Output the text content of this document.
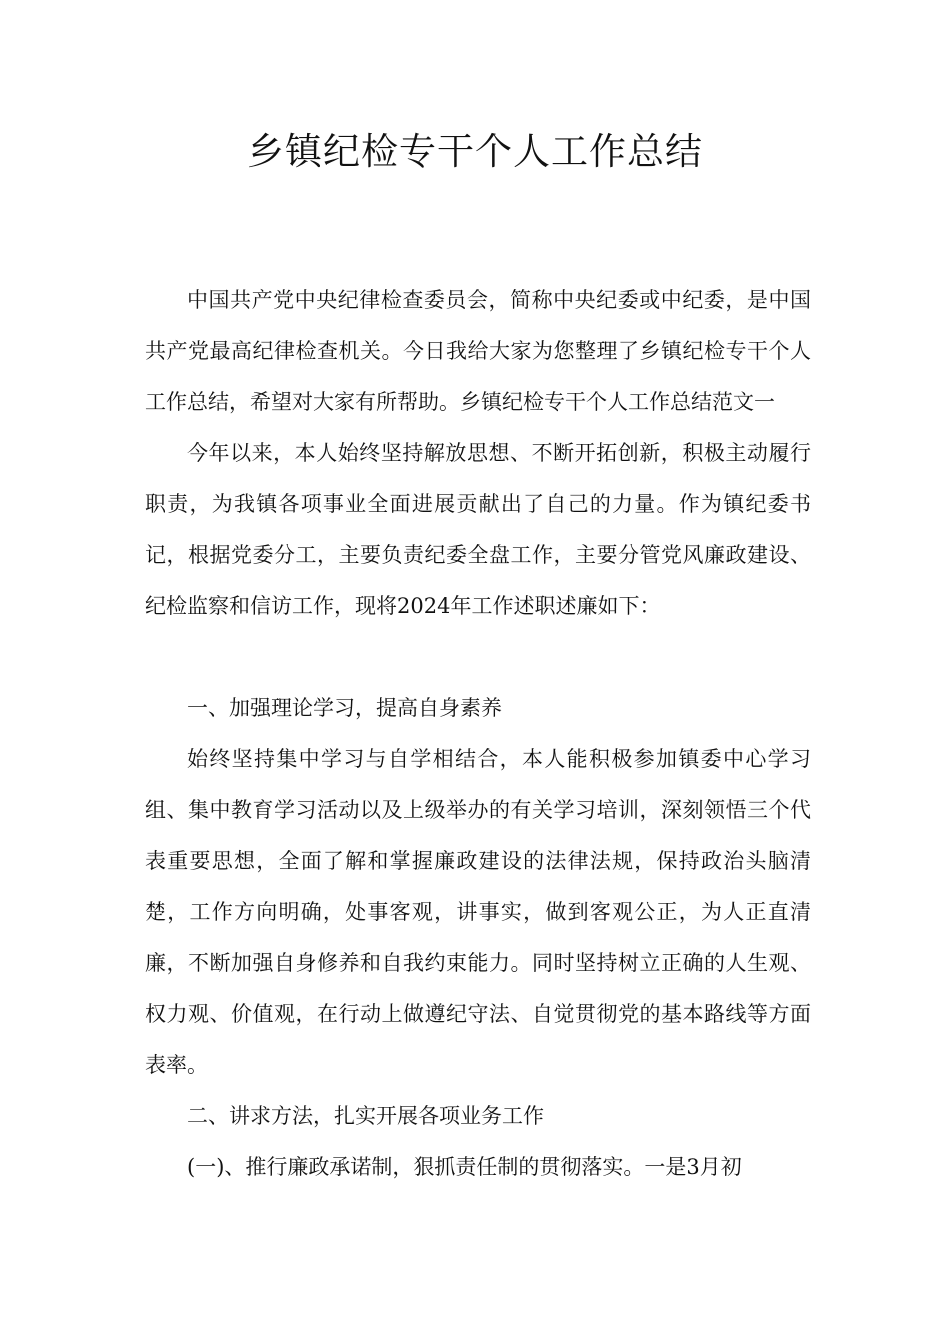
乡镇纪检专干个人工作总结

中国共产党中央纪律检查委员会，简称中央纪委或中纪委，是中国共产党最高纪律检查机关。今日我给大家为您整理了乡镇纪检专干个人工作总结，希望对大家有所帮助。乡镇纪检专干个人工作总结范文一

今年以来，本人始终坚持解放思想、不断开拓创新，积极主动履行职责，为我镇各项事业全面进展贡献出了自己的力量。作为镇纪委书记，根据党委分工，主要负责纪委全盘工作，主要分管党风廉政建设、纪检监察和信访工作，现将2024年工作述职述廉如下：

一、加强理论学习，提高自身素养

始终坚持集中学习与自学相结合，本人能积极参加镇委中心学习组、集中教育学习活动以及上级举办的有关学习培训，深刻领悟三个代表重要思想，全面了解和掌握廉政建设的法律法规，保持政治头脑清楚，工作方向明确，处事客观，讲事实，做到客观公正，为人正直清廉，不断加强自身修养和自我约束能力。同时坚持树立正确的人生观、权力观、价值观，在行动上做遵纪守法、自觉贯彻党的基本路线等方面表率。

二、讲求方法，扎实开展各项业务工作

(一)、推行廉政承诺制，狠抓责任制的贯彻落实。一是3月初
